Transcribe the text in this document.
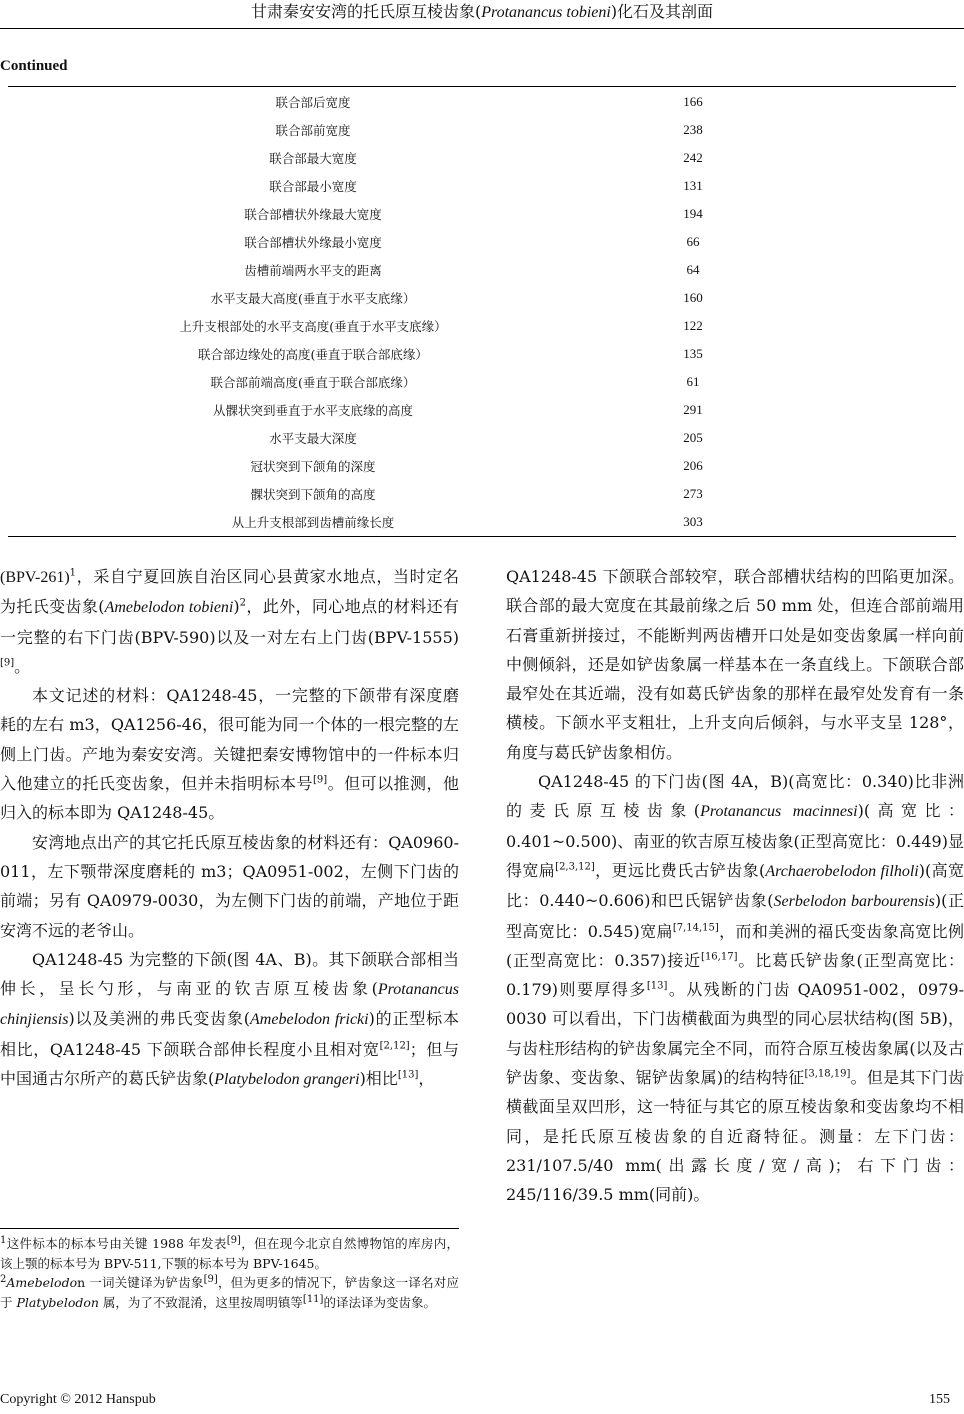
甘肃秦安安湾的托氏原互棱齿象(Protanancus tobieni)化石及其剖面
Continued
联合部后宽度	166
联合部前宽度	238
联合部最大宽度	242
联合部最小宽度	131
联合部槽状外缘最大宽度	194
联合部槽状外缘最小宽度	66
齿槽前端两水平支的距离	64
水平支最大高度(垂直于水平支底缘）	160
上升支根部处的水平支高度(垂直于水平支底缘）	122
联合部边缘处的高度(垂直于联合部底缘）	135
联合部前端高度(垂直于联合部底缘）	61
从髁状突到垂直于水平支底缘的高度	291
水平支最大深度	205
冠状突到下颌角的深度	206
髁状突到下颌角的高度	273
从上升支根部到齿槽前缘长度	303

$(BPV-261)^1$，采自宁夏回族自治区同心县黄家水地点，当时定名为托氏变齿象(Amebelodon tobieni)$^2$，此外，同心地点的材料还有一完整的右下门齿(BPV-590)以及一对左右上门齿(BPV-1555)[9]。

本文记述的材料：QA1248-45，一完整的下颌带有深度磨耗的左右 m3，QA1256-46，很可能为同一个体的一根完整的左侧上门齿。产地为秦安安湾。关键把秦安博物馆中的一件标本归入他建立的托氏变齿象，但并未指明标本号[9]。但可以推测，他归入的标本即为 QA1248-45。

安湾地点出产的其它托氏原互棱齿象的材料还有：QA0960-011，左下颚带深度磨耗的 m3；QA0951-002，左侧下门齿的前端；另有 QA0979-0030，为左侧下门齿的前端，产地位于距安湾不远的老爷山。

QA1248-45 为完整的下颌(图 4A、B)。其下颌联合部相当伸长，呈长勺形，与南亚的钦吉原互棱齿象(Protanancus chinjiensis)以及美洲的弗氏变齿象(Amebelodon fricki)的正型标本相比，QA1248-45 下颌联合部伸长程度小且相对宽[2,12]；但与中国通古尔所产的葛氏铲齿象(Platybelodon grangeri)相比[13]，

$^1$这件标本的标本号由关键 1988 年发表[9]，但在现今北京自然博物馆的库房内，该上颚的标本号为 BPV-511,下颚的标本号为 BPV-1645。

$^2$Amebelodon 一词关键译为铲齿象[9]，但为更多的情况下，铲齿象这一译名对应于 Platybelodon 属，为了不致混淆，这里按周明镇等[11]的译法译为变齿象。

QA1248-45 下颌联合部较窄，联合部槽状结构的凹陷更加深。联合部的最大宽度在其最前缘之后 50 mm 处，但连合部前端用石膏重新拼接过，不能断判两齿槽开口处是如变齿象属一样向前中侧倾斜，还是如铲齿象属一样基本在一条直线上。下颌联合部最窄处在其近端，没有如葛氏铲齿象的那样在最窄处发育有一条横棱。下颌水平支粗壮，上升支向后倾斜，与水平支呈 128°，角度与葛氏铲齿象相仿。

QA1248-45 的下门齿(图 4A，B)(高宽比：0.340)比非洲的麦氏原互棱齿象(Protanancus macinnesi)(高宽比：0.401~0.500)、南亚的钦吉原互棱齿象(正型高宽比：0.449)显得宽扁[2,3,12]，更远比费氏古铲齿象(Archaerobelodon filholi)(高宽比：0.440~0.606)和巴氏锯铲齿象(Serbelodon barbourensis)(正型高宽比：0.545)宽扁[7,14,15]，而和美洲的福氏变齿象高宽比例(正型高宽比：0.357)接近[16,17]。比葛氏铲齿象(正型高宽比：0.179)则要厚得多[13]。从残断的门齿 QA0951-002，0979-0030 可以看出，下门齿横截面为典型的同心层状结构(图 5B)，与齿柱形结构的铲齿象属完全不同，而符合原互棱齿象属(以及古铲齿象、变齿象、锯铲齿象属)的结构特征[3,18,19]。但是其下门齿横截面呈双凹形，这一特征与其它的原互棱齿象和变齿象均不相同，是托氏原互棱齿象的自近裔特征。测量：左下门齿：231/107.5/40 mm(出露长度/宽/高)；右下门齿：245/116/39.5 mm(同前)。

Copyright © 2012 Hanspub	155
